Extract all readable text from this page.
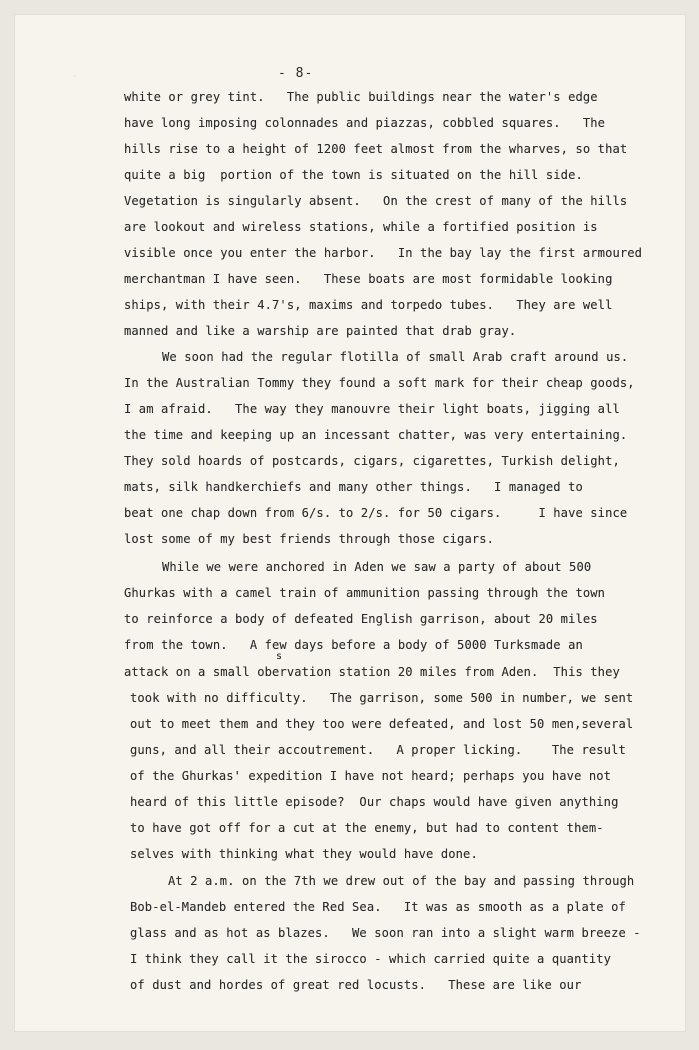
·	- 8-
white or grey tint.   The public buildings near the water's edge
have long imposing colonnades and piazzas, cobbled squares.   The
hills rise to a height of 1200 feet almost from the wharves, so that
quite a big  portion of the town is situated on the hill side.
Vegetation is singularly absent.   On the crest of many of the hills
are lookout and wireless stations, while a fortified position is
visible once you enter the harbor.   In the bay lay the first armoured
merchantman I have seen.   These boats are most formidable looking
ships, with their 4.7's, maxims and torpedo tubes.   They are well
manned and like a warship are painted that drab gray.
We soon had the regular flotilla of small Arab craft around us.
In the Australian Tommy they found a soft mark for their cheap goods,
I am afraid.   The way they manouvre their light boats, jigging all
the time and keeping up an incessant chatter, was very entertaining.
They sold hoards of postcards, cigars, cigarettes, Turkish delight,
mats, silk handkerchiefs and many other things.   I managed to
beat one chap down from 6/s. to 2/s. for 50 cigars.     I have since
lost some of my best friends through those cigars.
While we were anchored in Aden we saw a party of about 500
Ghurkas with a camel train of ammunition passing through the town
to reinforce a body of defeated English garrison, about 20 miles
from the town.   A few days before a body of 5000 Turksmade an
s
attack on a small obervation station 20 miles from Aden.  This they
took with no difficulty.   The garrison, some 500 in number, we sent
out to meet them and they too were defeated, and lost 50 men,several
guns, and all their accoutrement.   A proper licking.    The result
of the Ghurkas' expedition I have not heard; perhaps you have not
heard of this little episode?  Our chaps would have given anything
to have got off for a cut at the enemy, but had to content them-
selves with thinking what they would have done.
At 2 a.m. on the 7th we drew out of the bay and passing through
Bob-el-Mandeb entered the Red Sea.   It was as smooth as a plate of
glass and as hot as blazes.   We soon ran into a slight warm breeze -
I think they call it the sirocco - which carried quite a quantity
of dust and hordes of great red locusts.   These are like our
